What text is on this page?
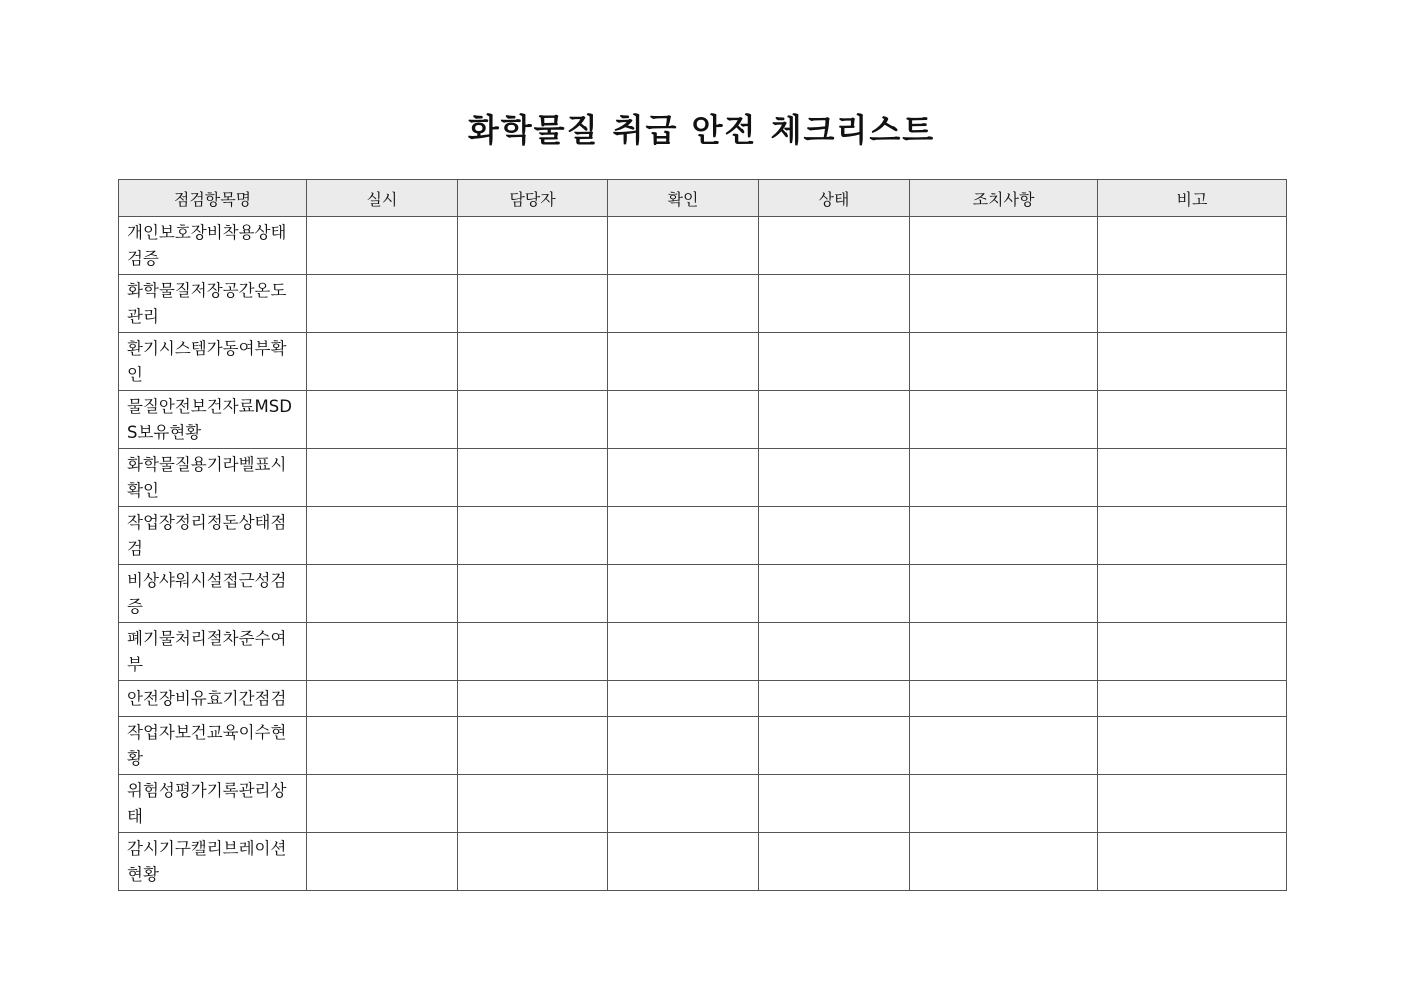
화학물질 취급 안전 체크리스트
점검항목명	실시	담당자	확인	상태	조치사항	비고
개인보호장비착용상태검증						
화학물질저장공간온도관리						
환기시스템가동여부확인						
물질안전보건자료MSDS보유현황						
화학물질용기라벨표시확인						
작업장정리정돈상태점검						
비상샤워시설접근성검증						
폐기물처리절차준수여부						
안전장비유효기간점검						
작업자보건교육이수현황						
위험성평가기록관리상태						
감시기구캘리브레이션현황						
